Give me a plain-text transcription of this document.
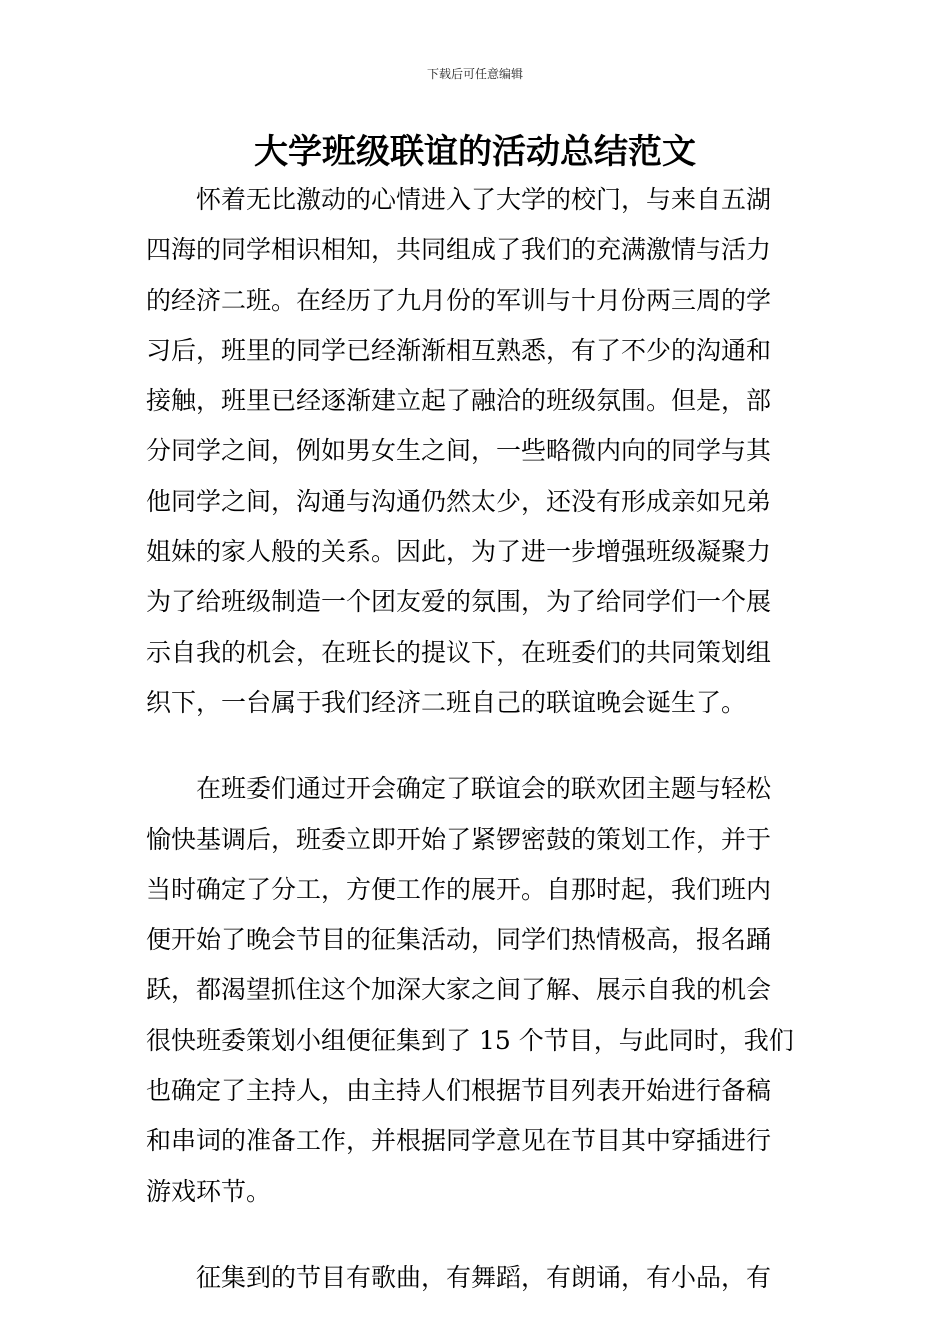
下载后可任意编辑
大学班级联谊的活动总结范文
　　怀着无比激动的心情进入了大学的校门，与来自五湖
四海的同学相识相知，共同组成了我们的充满激情与活力
的经济二班。在经历了九月份的军训与十月份两三周的学
习后，班里的同学已经渐渐相互熟悉，有了不少的沟通和
接触，班里已经逐渐建立起了融洽的班级氛围。但是，部
分同学之间，例如男女生之间，一些略微内向的同学与其
他同学之间，沟通与沟通仍然太少，还没有形成亲如兄弟
姐妹的家人般的关系。因此，为了进一步增强班级凝聚力
为了给班级制造一个团友爱的氛围，为了给同学们一个展
示自我的机会，在班长的提议下，在班委们的共同策划组
织下，一台属于我们经济二班自己的联谊晚会诞生了。
　　在班委们通过开会确定了联谊会的联欢团主题与轻松
愉快基调后，班委立即开始了紧锣密鼓的策划工作，并于
当时确定了分工，方便工作的展开。自那时起，我们班内
便开始了晚会节目的征集活动，同学们热情极高，报名踊
跃，都渴望抓住这个加深大家之间了解、展示自我的机会
很快班委策划小组便征集到了 15 个节目，与此同时，我们
也确定了主持人，由主持人们根据节目列表开始进行备稿
和串词的准备工作，并根据同学意见在节目其中穿插进行
游戏环节。
　　征集到的节目有歌曲，有舞蹈，有朗诵，有小品，有
